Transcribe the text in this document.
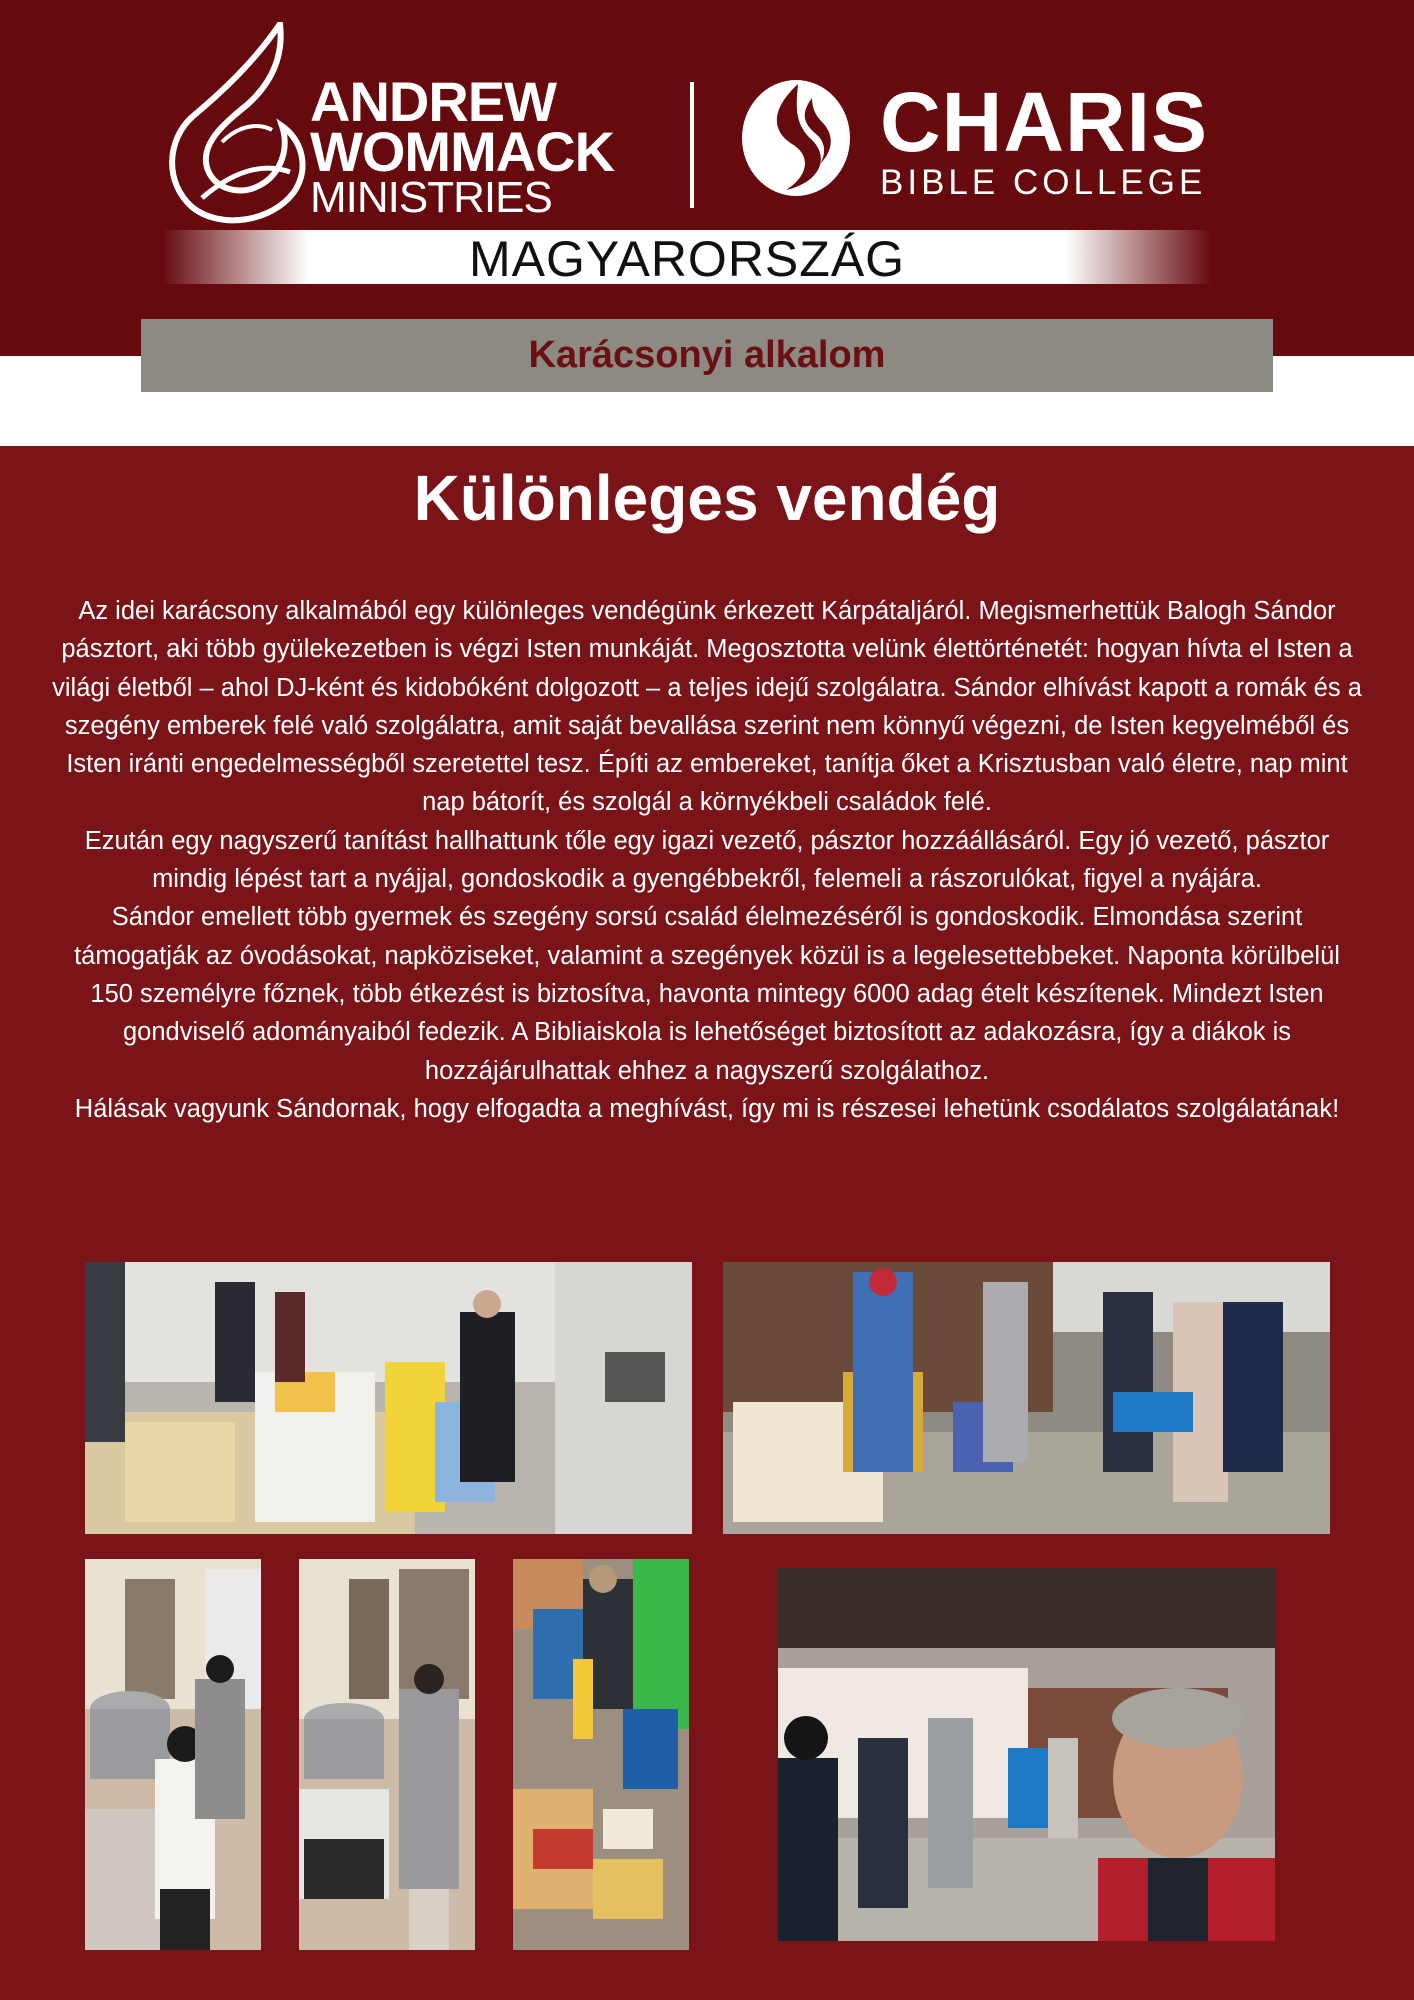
ANDREW
WOMMACK
MINISTRIES
CHARIS
BIBLE COLLEGE
MAGYARORSZÁG
Karácsonyi alkalom
Különleges vendég

Az idei karácsony alkalmából egy különleges vendégünk érkezett Kárpátaljáról. Megismerhettük Balogh Sándor pásztort, aki több gyülekezetben is végzi Isten munkáját. Megosztotta velünk élettörténetét: hogyan hívta el Isten a világi életből – ahol DJ-ként és kidobóként dolgozott – a teljes idejű szolgálatra. Sándor elhívást kapott a romák és a szegény emberek felé való szolgálatra, amit saját bevallása szerint nem könnyű végezni, de Isten kegyelméből és Isten iránti engedelmességből szeretettel tesz. Építi az embereket, tanítja őket a Krisztusban való életre, nap mint nap bátorít, és szolgál a környékbeli családok felé.

Ezután egy nagyszerű tanítást hallhattunk tőle egy igazi vezető, pásztor hozzáállásáról. Egy jó vezető, pásztor mindig lépést tart a nyájjal, gondoskodik a gyengébbekről, felemeli a rászorulókat, figyel a nyájára.

Sándor emellett több gyermek és szegény sorsú család élelmezéséről is gondoskodik. Elmondása szerint támogatják az óvodásokat, napköziseket, valamint a szegények közül is a legelesettebbeket. Naponta körülbelül 150 személyre főznek, több étkezést is biztosítva, havonta mintegy 6000 adag ételt készítenek. Mindezt Isten gondviselő adományaiból fedezik. A Bibliaiskola is lehetőséget biztosított az adakozásra, így a diákok is hozzájárulhattak ehhez a nagyszerű szolgálathoz.

Hálásak vagyunk Sándornak, hogy elfogadta a meghívást, így mi is részesei lehetünk csodálatos szolgálatának!
